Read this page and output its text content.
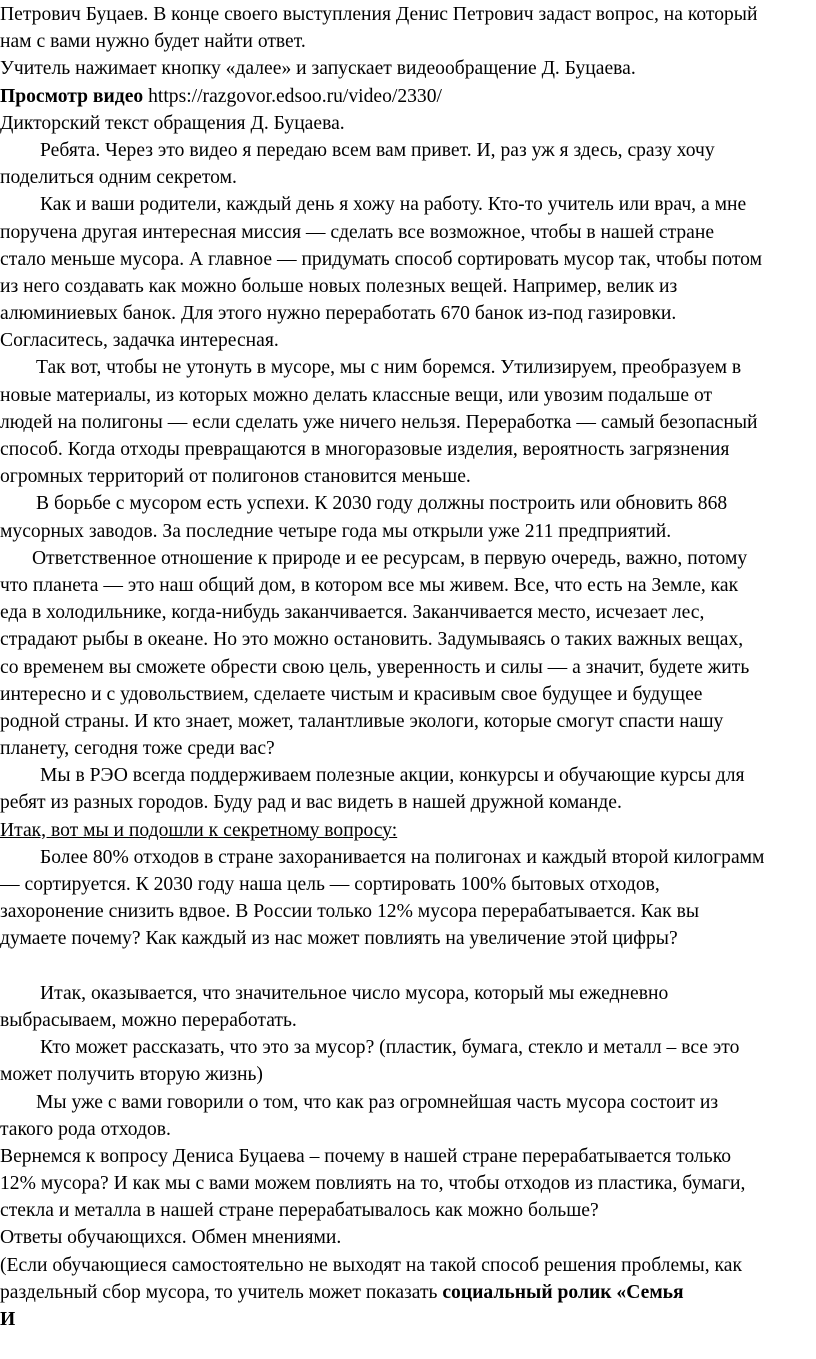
Петрович Буцаев. В конце своего выступления Денис Петрович задаст вопрос, на который
нам с вами нужно будет найти ответ.
Учитель нажимает кнопку «далее» и запускает видеообращение Д. Буцаева.
Просмотр видео https://razgovor.edsoo.ru/video/2330/
Дикторский текст обращения Д. Буцаева.
Ребята. Через это видео я передаю всем вам привет. И, раз уж я здесь, сразу хочу
поделиться одним секретом.
Как и ваши родители, каждый день я хожу на работу. Кто-то учитель или врач, а мне
поручена другая интересная миссия — сделать все возможное, чтобы в нашей стране
стало меньше мусора. А главное — придумать способ сортировать мусор так, чтобы потом
из него создавать как можно больше новых полезных вещей. Например, велик из
алюминиевых банок. Для этого нужно переработать 670 банок из-под газировки.
Согласитесь, задачка интересная.
Так вот, чтобы не утонуть в мусоре, мы с ним боремся. Утилизируем, преобразуем в
новые материалы, из которых можно делать классные вещи, или увозим подальше от
людей на полигоны — если сделать уже ничего нельзя. Переработка — самый безопасный
способ. Когда отходы превращаются в многоразовые изделия, вероятность загрязнения
огромных территорий от полигонов становится меньше.
В борьбе с мусором есть успехи. К 2030 году должны построить или обновить 868
мусорных заводов. За последние четыре года мы открыли уже 211 предприятий.
Ответственное отношение к природе и ее ресурсам, в первую очередь, важно, потому
что планета — это наш общий дом, в котором все мы живем. Все, что есть на Земле, как
еда в холодильнике, когда-нибудь заканчивается. Заканчивается место, исчезает лес,
страдают рыбы в океане. Но это можно остановить. Задумываясь о таких важных вещах,
со временем вы сможете обрести свою цель, уверенность и силы — а значит, будете жить
интересно и с удовольствием, сделаете чистым и красивым свое будущее и будущее
родной страны. И кто знает, может, талантливые экологи, которые смогут спасти нашу
планету, сегодня тоже среди вас?
Мы в РЭО всегда поддерживаем полезные акции, конкурсы и обучающие курсы для
ребят из разных городов. Буду рад и вас видеть в нашей дружной команде.
Итак, вот мы и подошли к секретному вопросу:
Более 80% отходов в стране захоранивается на полигонах и каждый второй килограмм
— сортируется. К 2030 году наша цель — сортировать 100% бытовых отходов,
захоронение снизить вдвое. В России только 12% мусора перерабатывается. Как вы
думаете почему? Как каждый из нас может повлиять на увеличение этой цифры?
Итак, оказывается, что значительное число мусора, который мы ежедневно
выбрасываем, можно переработать.
Кто может рассказать, что это за мусор? (пластик, бумага, стекло и металл – все это
может получить вторую жизнь)
Мы уже с вами говорили о том, что как раз огромнейшая часть мусора состоит из
такого рода отходов.
Вернемся к вопросу Дениса Буцаева – почему в нашей стране перерабатывается только
12% мусора? И как мы с вами можем повлиять на то, чтобы отходов из пластика, бумаги,
стекла и металла в нашей стране перерабатывалось как можно больше?
Ответы обучающихся. Обмен мнениями.
(Если обучающиеся самостоятельно не выходят на такой способ решения проблемы, как
раздельный сбор мусора, то учитель может показать социальный ролик «Семья
И
